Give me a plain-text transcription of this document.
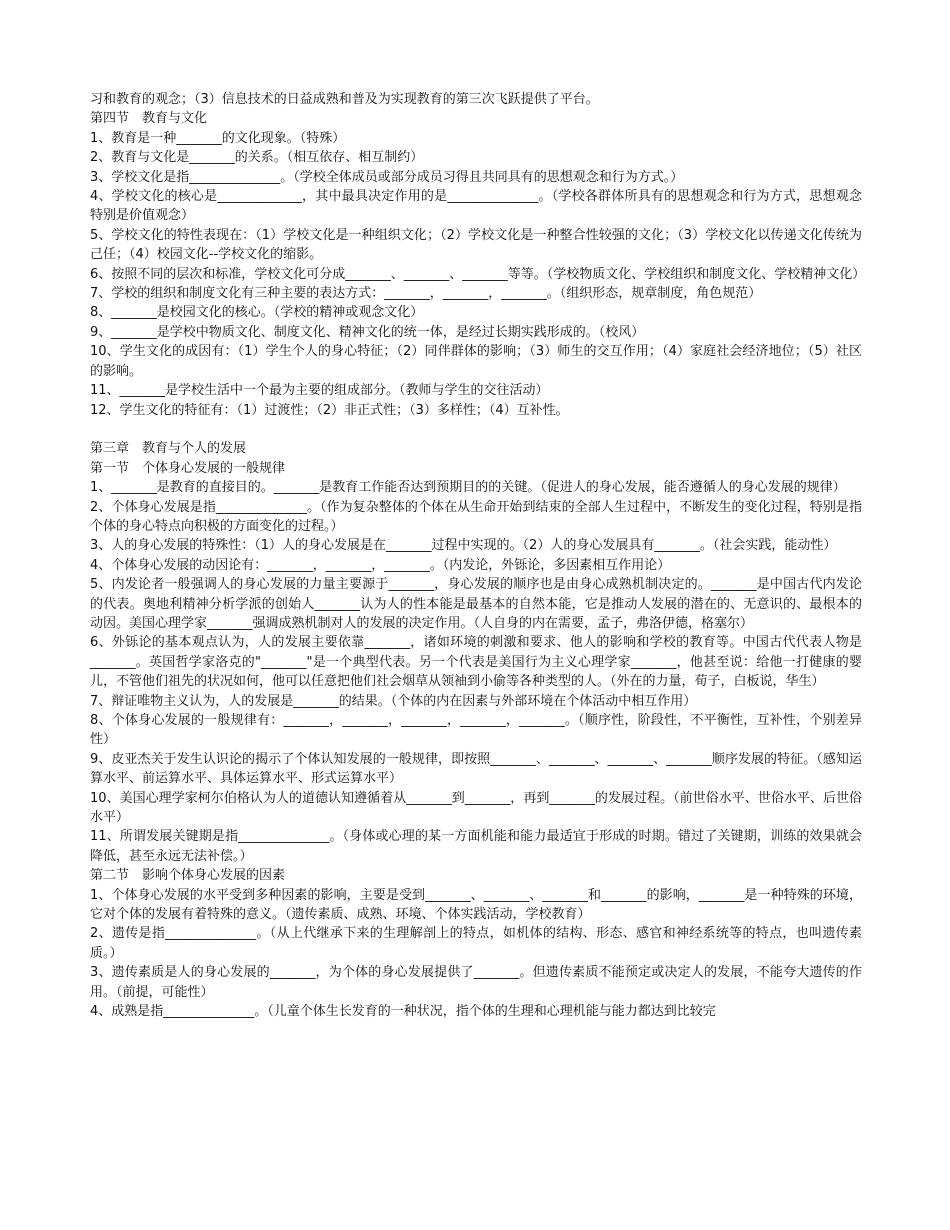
习和教育的观念；（3）信息技术的日益成熟和普及为实现教育的第三次飞跃提供了平台。

第四节　教育与文化

1、教育是一种_______的文化现象。（特殊）

2、教育与文化是_______的关系。（相互依存、相互制约）

3、学校文化是指______________。（学校全体成员或部分成员习得且共同具有的思想观念和行为方式。）

4、学校文化的核心是_____________，其中最具决定作用的是______________。（学校各群体所具有的思想观念和行为方式，思想观念特别是价值观念）

5、学校文化的特性表现在：（1）学校文化是一种组织文化；（2）学校文化是一种整合性较强的文化；（3）学校文化以传递文化传统为己任；（4）校园文化--学校文化的缩影。

6、按照不同的层次和标准，学校文化可分成_______、_______、_______等等。（学校物质文化、学校组织和制度文化、学校精神文化）

7、学校的组织和制度文化有三种主要的表达方式：_______，_______，_______。（组织形态，规章制度，角色规范）

8、_______是校园文化的核心。（学校的精神或观念文化）

9、_______是学校中物质文化、制度文化、精神文化的统一体，是经过长期实践形成的。（校风）

10、学生文化的成因有：（1）学生个人的身心特征；（2）同伴群体的影响；（3）师生的交互作用；（4）家庭社会经济地位；（5）社区的影响。

11、_______是学校生活中一个最为主要的组成部分。（教师与学生的交往活动）

12、学生文化的特征有：（1）过渡性；（2）非正式性；（3）多样性；（4）互补性。

第三章　教育与个人的发展

第一节　个体身心发展的一般规律

1、_______是教育的直接目的。_______是教育工作能否达到预期目的的关键。（促进人的身心发展，能否遵循人的身心发展的规律）

2、个体身心发展是指______________。（作为复杂整体的个体在从生命开始到结束的全部人生过程中，不断发生的变化过程，特别是指个体的身心特点向积极的方面变化的过程。）

3、人的身心发展的特殊性：（1）人的身心发展是在_______过程中实现的。（2）人的身心发展具有_______。（社会实践，能动性）

4、个体身心发展的动因论有：_______，_______，_______。（内发论，外铄论，多因素相互作用论）

5、内发论者一般强调人的身心发展的力量主要源于_______，身心发展的顺序也是由身心成熟机制决定的。_______是中国古代内发论的代表。奥地利精神分析学派的创始人_______认为人的性本能是最基本的自然本能，它是推动人发展的潜在的、无意识的、最根本的动因。美国心理学家_______强调成熟机制对人的发展的决定作用。（人自身的内在需要，孟子，弗洛伊德，格塞尔）

6、外铄论的基本观点认为，人的发展主要依靠_______，诸如环境的刺激和要求、他人的影响和学校的教育等。中国古代代表人物是_______。英国哲学家洛克的"_______"是一个典型代表。另一个代表是美国行为主义心理学家_______，他甚至说：给他一打健康的婴儿，不管他们祖先的状况如何，他可以任意把他们社会烟草从领袖到小偷等各种类型的人。（外在的力量，荀子，白板说，华生）

7、辩证唯物主义认为，人的发展是_______的结果。（个体的内在因素与外部环境在个体活动中相互作用）

8、个体身心发展的一般规律有：_______，_______，_______，_______，_______。（顺序性，阶段性，不平衡性，互补性，个别差异性）

9、皮亚杰关于发生认识论的揭示了个体认知发展的一般规律，即按照_______、_______、_______、_______顺序发展的特征。（感知运算水平、前运算水平、具体运算水平、形式运算水平）

10、美国心理学家柯尔伯格认为人的道德认知遵循着从_______到_______，再到_______的发展过程。（前世俗水平、世俗水平、后世俗水平）

11、所谓发展关键期是指______________。（身体或心理的某一方面机能和能力最适宜于形成的时期。错过了关键期，训练的效果就会降低，甚至永远无法补偿。）

第二节　影响个体身心发展的因素

1、个体身心发展的水平受到多种因素的影响，主要是受到_______、_______、_______和_______的影响，_______是一种特殊的环境，它对个体的发展有着特殊的意义。（遗传素质、成熟、环境、个体实践活动，学校教育）

2、遗传是指______________。（从上代继承下来的生理解剖上的特点，如机体的结构、形态、感官和神经系统等的特点，也叫遗传素质。）

3、遗传素质是人的身心发展的_______，为个体的身心发展提供了_______。但遗传素质不能预定或决定人的发展，不能夸大遗传的作用。（前提，可能性）

4、成熟是指______________。（儿童个体生长发育的一种状况，指个体的生理和心理机能与能力都达到比较完
